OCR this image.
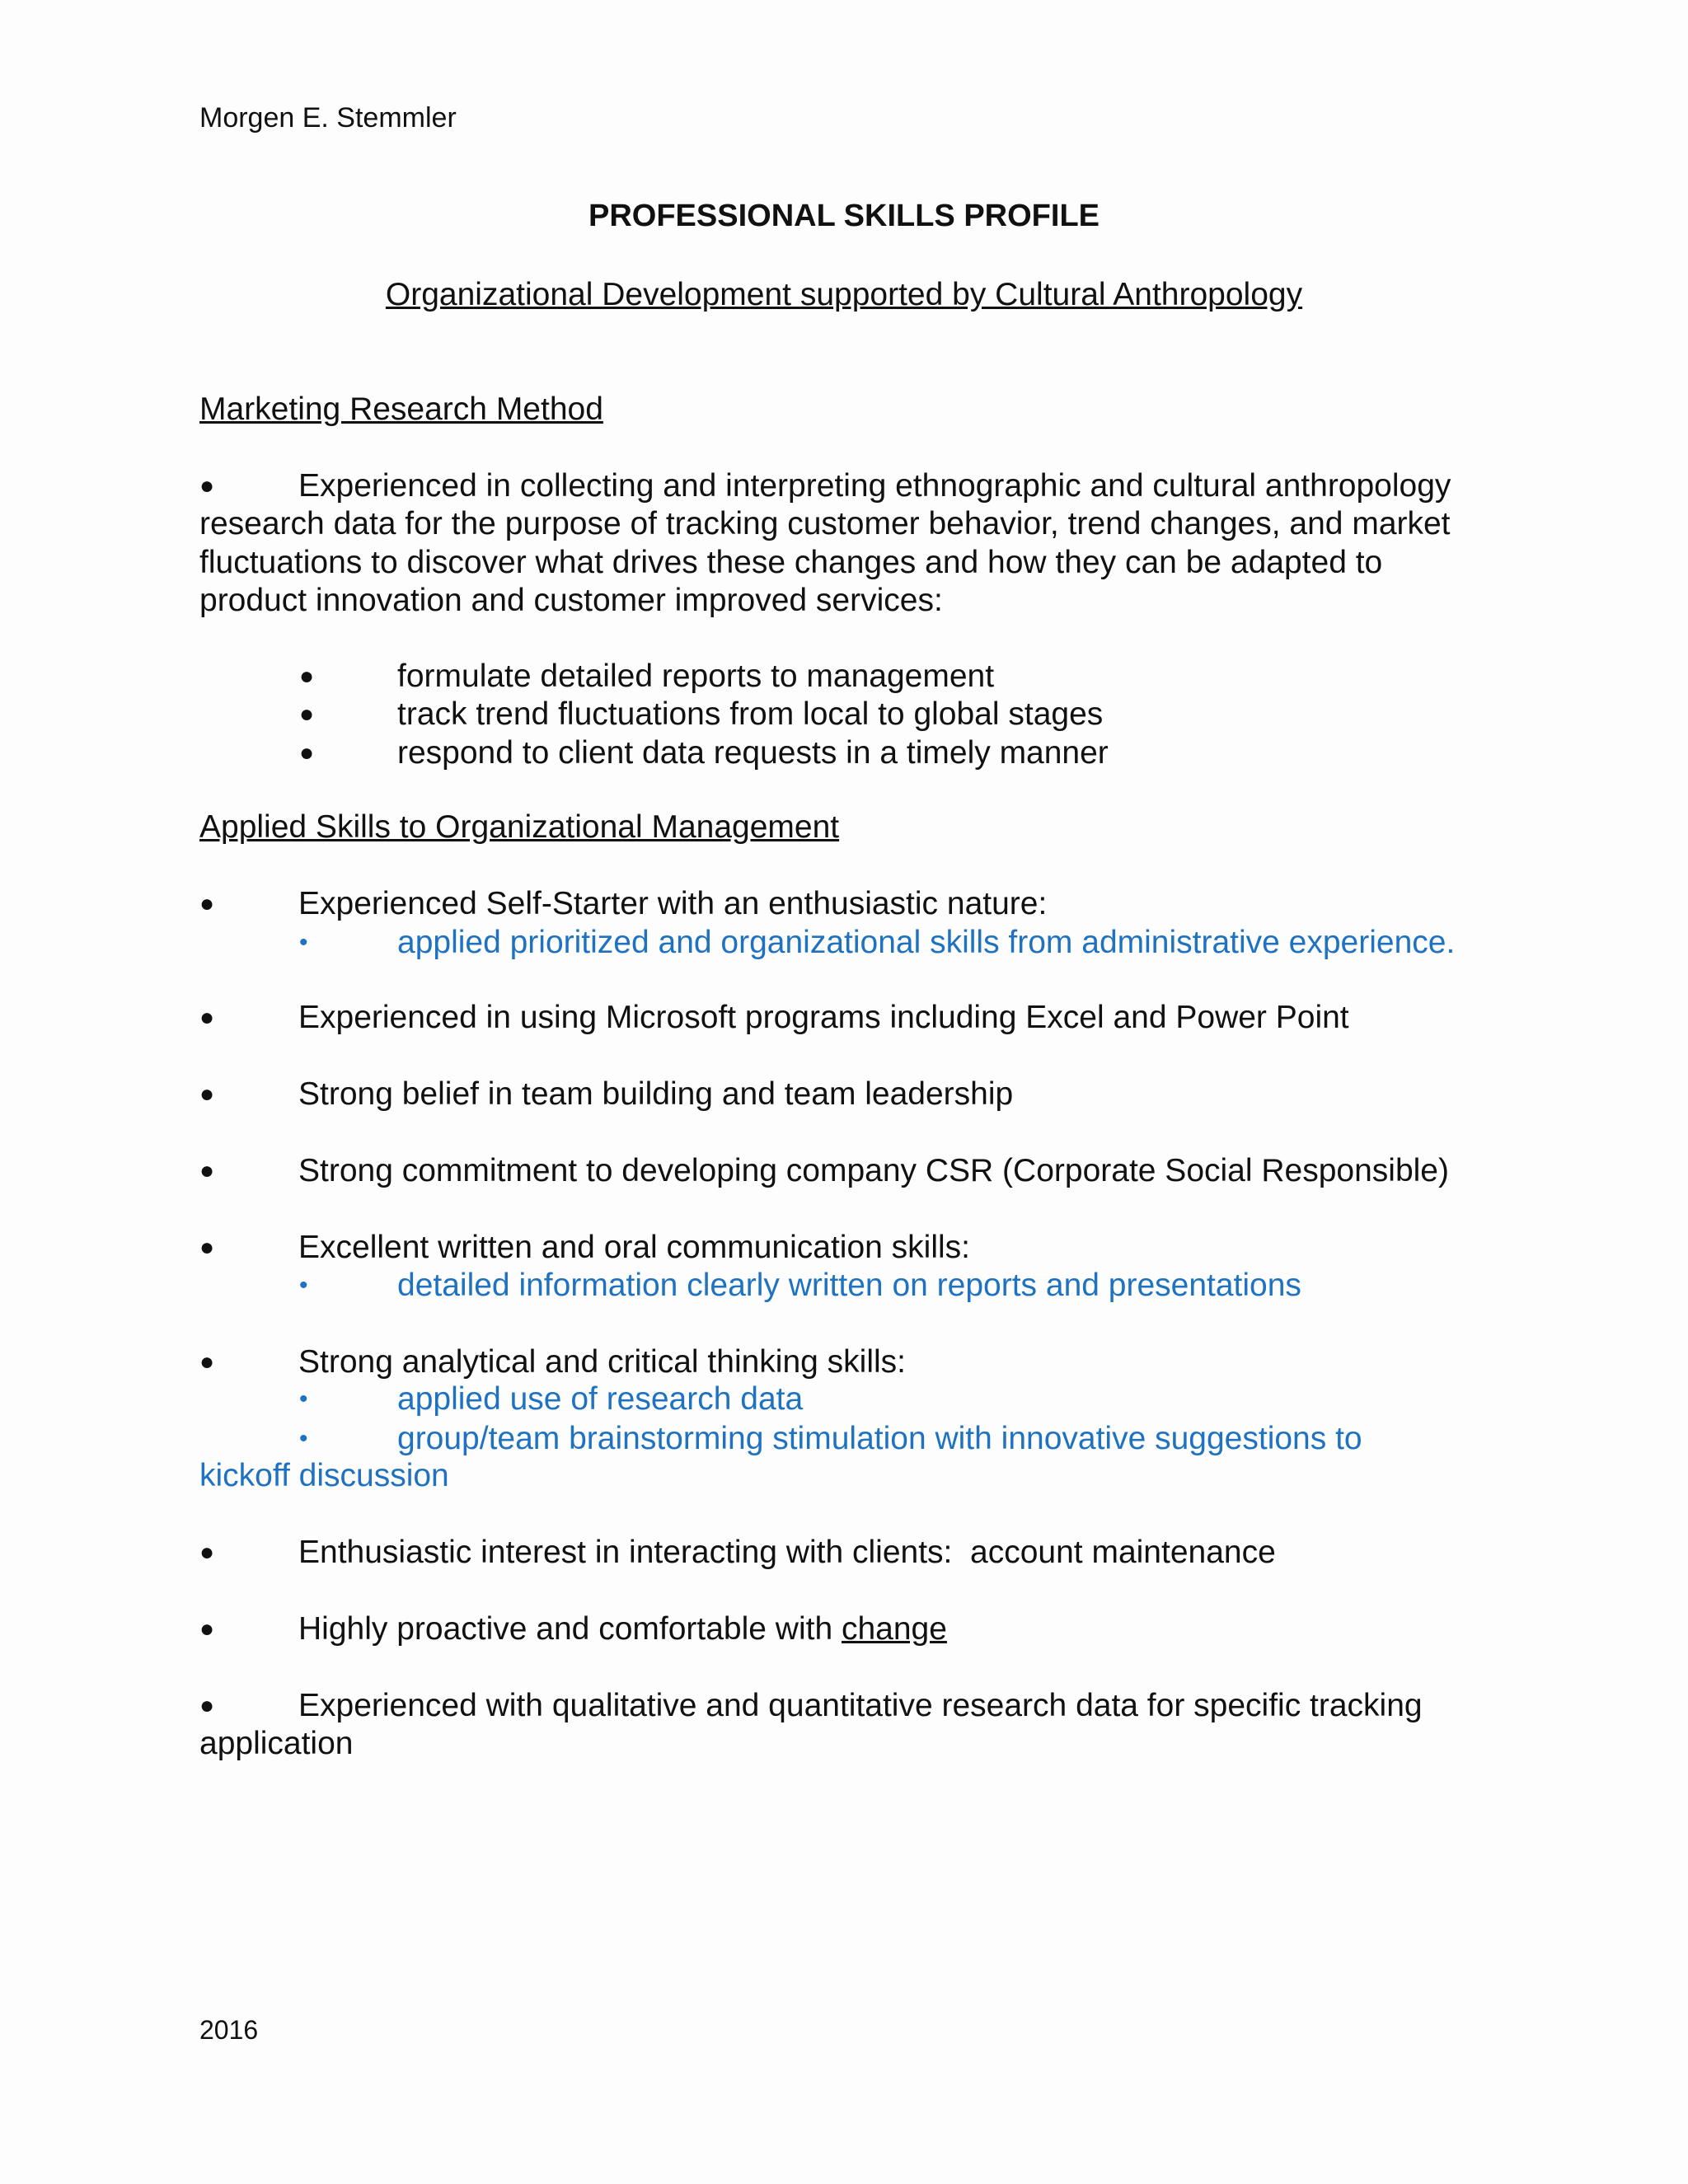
Morgen E. Stemmler
PROFESSIONAL SKILLS PROFILE
Organizational Development supported by Cultural Anthropology
Marketing Research Method
●	Experienced in collecting and interpreting ethnographic and cultural anthropology
research data for the purpose of tracking customer behavior, trend changes, and market
fluctuations to discover what drives these changes and how they can be adapted to
product innovation and customer improved services:
●	formulate detailed reports to management
●	track trend fluctuations from local to global stages
●	respond to client data requests in a timely manner
Applied Skills to Organizational Management
●	Experienced Self-Starter with an enthusiastic nature:
•	applied prioritized and organizational skills from administrative experience.
●	Experienced in using Microsoft programs including Excel and Power Point
●	Strong belief in team building and team leadership
●	Strong commitment to developing company CSR (Corporate Social Responsible)
●	Excellent written and oral communication skills:
•	detailed information clearly written on reports and presentations
●	Strong analytical and critical thinking skills:
•	applied use of research data
•	group/team brainstorming stimulation with innovative suggestions to
kickoff discussion
●	Enthusiastic interest in interacting with clients:  account maintenance
●	Highly proactive and comfortable with change
●	Experienced with qualitative and quantitative research data for specific tracking
application
2016
